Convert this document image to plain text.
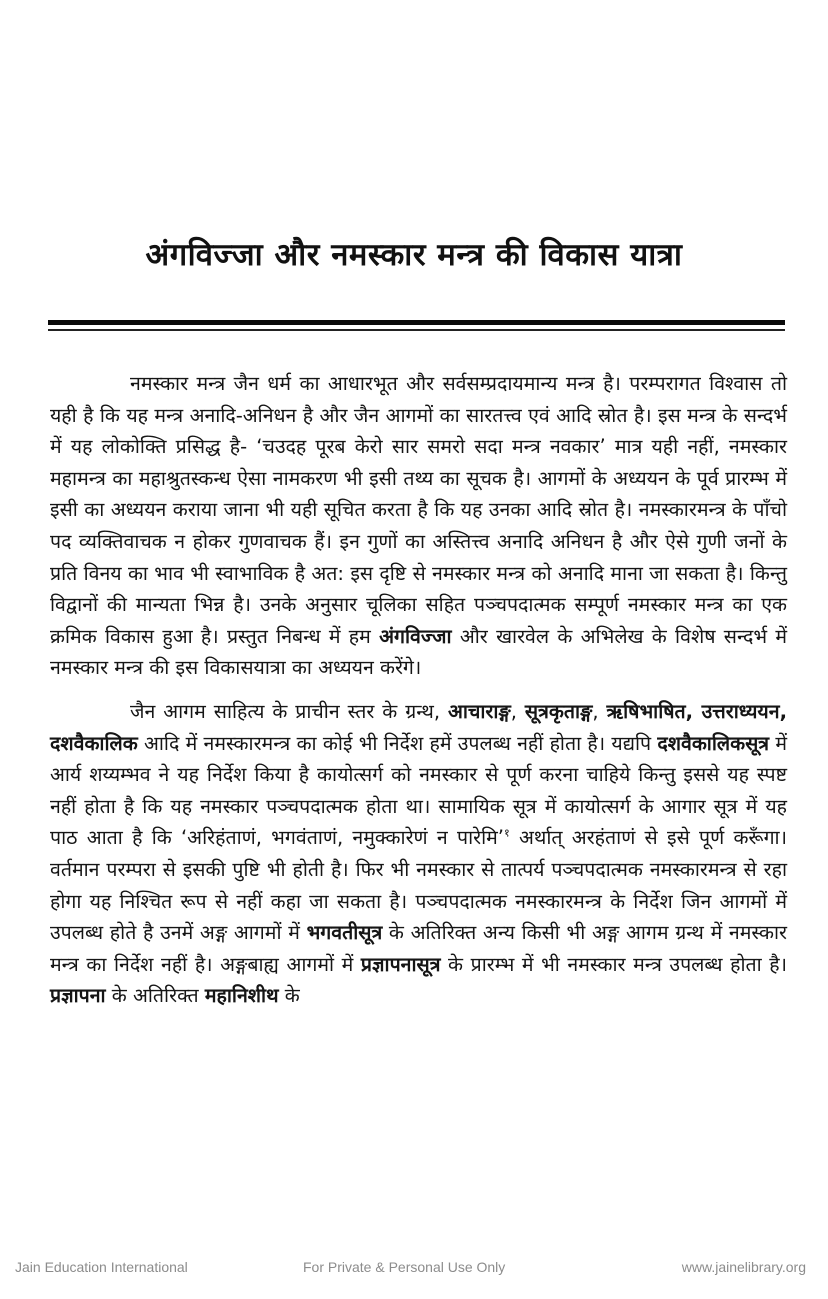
अंगविज्जा और नमस्कार मन्त्र की विकास यात्रा

नमस्कार मन्त्र जैन धर्म का आधारभूत और सर्वसम्प्रदायमान्य मन्त्र है। परम्परागत विश्वास तो यही है कि यह मन्त्र अनादि-अनिधन है और जैन आगमों का सारतत्त्व एवं आदि स्रोत है। इस मन्त्र के सन्दर्भ में यह लोकोक्ति प्रसिद्ध है- ‘चउदह पूरब केरो सार समरो सदा मन्त्र नवकार’ मात्र यही नहीं, नमस्कार महामन्त्र का महाश्रुतस्कन्ध ऐसा नामकरण भी इसी तथ्य का सूचक है। आगमों के अध्ययन के पूर्व प्रारम्भ में इसी का अध्ययन कराया जाना भी यही सूचित करता है कि यह उनका आदि स्रोत है। नमस्कारमन्त्र के पाँचो पद व्यक्तिवाचक न होकर गुणवाचक हैं। इन गुणों का अस्तित्त्व अनादि अनिधन है और ऐसे गुणी जनों के प्रति विनय का भाव भी स्वाभाविक है अत: इस दृष्टि से नमस्कार मन्त्र को अनादि माना जा सकता है। किन्तु विद्वानों की मान्यता भिन्न है। उनके अनुसार चूलिका सहित पञ्चपदात्मक सम्पूर्ण नमस्कार मन्त्र का एक क्रमिक विकास हुआ है। प्रस्तुत निबन्ध में हम अंगविज्जा और खारवेल के अभिलेख के विशेष सन्दर्भ में नमस्कार मन्त्र की इस विकासयात्रा का अध्ययन करेंगे।

जैन आगम साहित्य के प्राचीन स्तर के ग्रन्थ, आचाराङ्ग, सूत्रकृताङ्ग, ऋषिभाषित, उत्तराध्ययन, दशवैकालिक आदि में नमस्कारमन्त्र का कोई भी निर्देश हमें उपलब्ध नहीं होता है। यद्यपि दशवैकालिकसूत्र में आर्य शय्यम्भव ने यह निर्देश किया है कायोत्सर्ग को नमस्कार से पूर्ण करना चाहिये किन्तु इससे यह स्पष्ट नहीं होता है कि यह नमस्कार पञ्चपदात्मक होता था। सामायिक सूत्र में कायोत्सर्ग के आगार सूत्र में यह पाठ आता है कि ‘अरिहंताणं, भगवंताणं, नमुक्कारेणं न पारेमि’$^१$ अर्थात् अरहंताणं से इसे पूर्ण करूँगा। वर्तमान परम्परा से इसकी पुष्टि भी होती है। फिर भी नमस्कार से तात्पर्य पञ्चपदात्मक नमस्कारमन्त्र से रहा होगा यह निश्चित रूप से नहीं कहा जा सकता है। पञ्चपदात्मक नमस्कारमन्त्र के निर्देश जिन आगमों में उपलब्ध होते है उनमें अङ्ग आगमों में भगवतीसूत्र के अतिरिक्त अन्य किसी भी अङ्ग आगम ग्रन्थ में नमस्कार मन्त्र का निर्देश नहीं है। अङ्गबाह्य आगमों में प्रज्ञापनासूत्र के प्रारम्भ में भी नमस्कार मन्त्र उपलब्ध होता है। प्रज्ञापना के अतिरिक्त महानिशीथ के

Jain Education International	For Private & Personal Use Only	www.jainelibrary.org
